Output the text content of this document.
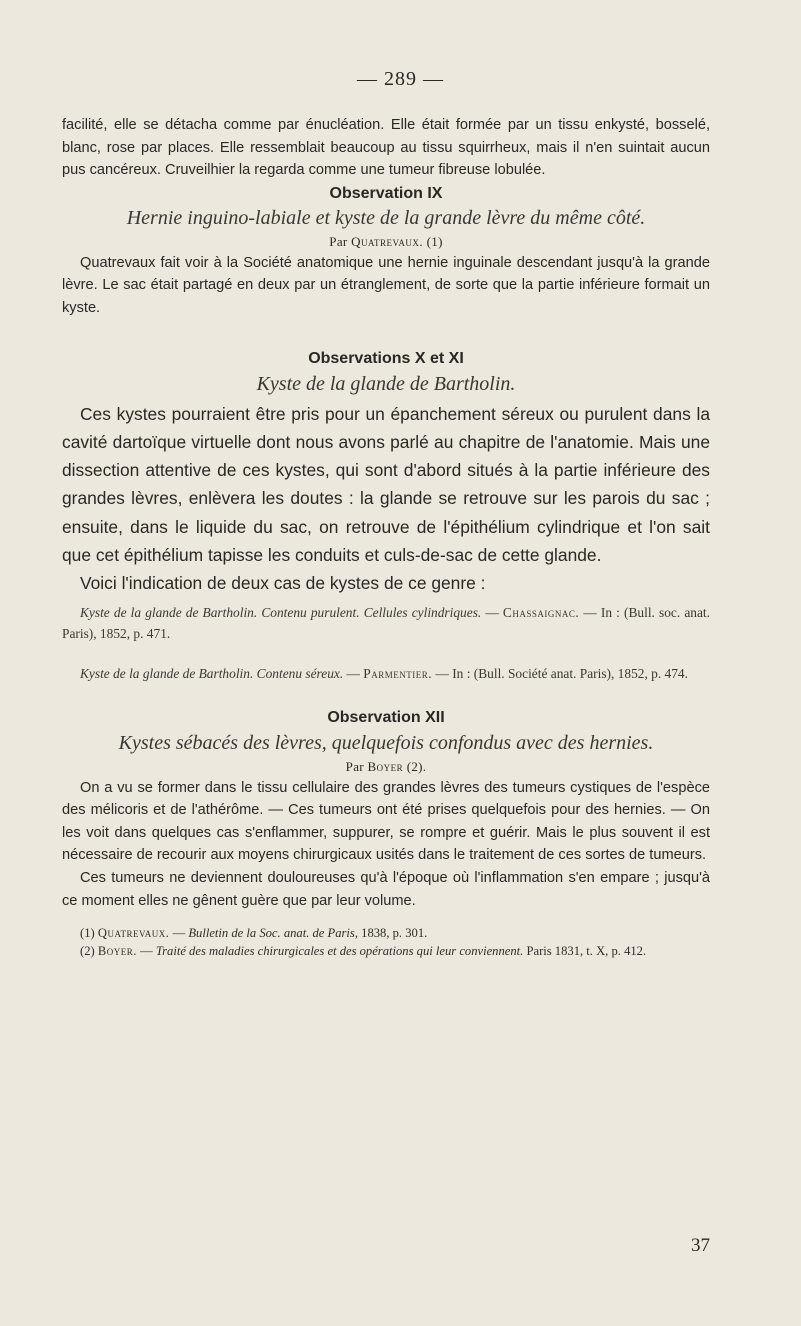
— 289 —

facilité, elle se détacha comme par énucléation. Elle était formée par un tissu enkysté, bosselé, blanc, rose par places. Elle ressemblait beaucoup au tissu squirrheux, mais il n'en suintait aucun pus cancéreux. Cruveilhier la regarda comme une tumeur fibreuse lobulée.

Observation IX

Hernie inguino-labiale et kyste de la grande lèvre du même côté.

Par Quatrevaux. (1)

Quatrevaux fait voir à la Société anatomique une hernie inguinale descendant jusqu'à la grande lèvre. Le sac était partagé en deux par un étranglement, de sorte que la partie inférieure formait un kyste.

Observations X et XI

Kyste de la glande de Bartholin.

Ces kystes pourraient être pris pour un épanchement séreux ou purulent dans la cavité dartoïque virtuelle dont nous avons parlé au chapitre de l'anatomie. Mais une dissection attentive de ces kystes, qui sont d'abord situés à la partie inférieure des grandes lèvres, enlèvera les doutes : la glande se retrouve sur les parois du sac ; ensuite, dans le liquide du sac, on retrouve de l'épithélium cylindrique et l'on sait que cet épithélium tapisse les conduits et culs-de-sac de cette glande.

Voici l'indication de deux cas de kystes de ce genre :

Kyste de la glande de Bartholin. Contenu purulent. Cellules cylindriques. — Chassaignac. — In : (Bull. soc. anat. Paris), 1852, p. 471.

Kyste de la glande de Bartholin. Contenu séreux. — Parmentier. — In : (Bull. Société anat. Paris), 1852, p. 474.

Observation XII

Kystes sébacés des lèvres, quelquefois confondus avec des hernies.

Par Boyer (2).

On a vu se former dans le tissu cellulaire des grandes lèvres des tumeurs cystiques de l'espèce des mélicoris et de l'athérôme. — Ces tumeurs ont été prises quelquefois pour des hernies. — On les voit dans quelques cas s'enflammer, suppurer, se rompre et guérir. Mais le plus souvent il est nécessaire de recourir aux moyens chirurgicaux usités dans le traitement de ces sortes de tumeurs.

Ces tumeurs ne deviennent douloureuses qu'à l'époque où l'inflammation s'en empare ; jusqu'à ce moment elles ne gênent guère que par leur volume.

(1) Quatrevaux. — Bulletin de la Soc. anat. de Paris, 1838, p. 301.

(2) Boyer. — Traité des maladies chirurgicales et des opérations qui leur conviennent. Paris 1831, t. X, p. 412.

37
